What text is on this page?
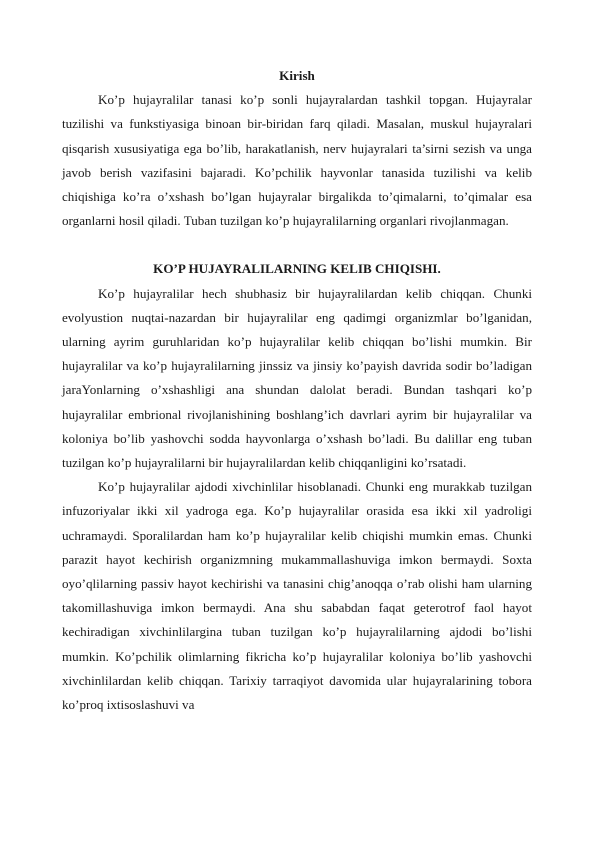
Kirish

Ko’p hujayralilar tanasi ko’p sonli hujayralardan tashkil topgan. Hujayralar tuzilishi va funkstiyasiga binoan bir-biridan farq qiladi. Masalan, muskul hujayralari qisqarish xususiyatiga ega bo’lib, harakatlanish, nerv hujayralari ta’sirni sezish va unga javob berish vazifasini bajaradi. Ko’pchilik hayvonlar tanasida tuzilishi va kelib chiqishiga ko’ra o’xshash bo’lgan hujayralar birgalikda to’qimalarni, to’qimalar esa organlarni hosil qiladi. Tuban tuzilgan ko’p hujayralilarning organlari rivojlanmagan.

KO’P HUJAYRALILARNING KELIB CHIQISHI.

Ko’p hujayralilar hech shubhasiz bir hujayralilardan kelib chiqqan. Chunki evolyustion nuqtai-nazardan bir hujayralilar eng qadimgi organizmlar bo’lganidan, ularning ayrim guruhlaridan ko’p hujayralilar kelib chiqqan bo’lishi mumkin. Bir hujayralilar va ko’p hujayralilarning jinssiz va jinsiy ko’payish davrida sodir bo’ladigan jaraYonlarning o’xshashligi ana shundan dalolat beradi. Bundan tashqari ko’p hujayralilar embrional rivojlanishining boshlang’ich davrlari ayrim bir hujayralilar va koloniya bo’lib yashovchi sodda hayvonlarga o’xshash bo’ladi. Bu dalillar eng tuban tuzilgan ko’p hujayralilarni bir hujayralilardan kelib chiqqanligini ko’rsatadi.

Ko’p hujayralilar ajdodi xivchinlilar hisoblanadi. Chunki eng murakkab tuzilgan infuzoriyalar ikki xil yadroga ega. Ko’p hujayralilar orasida esa ikki xil yadroligi uchramaydi. Sporalilardan ham ko’p hujayralilar kelib chiqishi mumkin emas. Chunki parazit hayot kechirish organizmning mukammallashuviga imkon bermaydi. Soxta oyo’qlilarning passiv hayot kechirishi va tanasini chig’anoqqa o’rab olishi ham ularning takomillashuviga imkon bermaydi. Ana shu sababdan faqat geterotrof faol hayot kechiradigan xivchinlilargina tuban tuzilgan ko’p hujayralilarning ajdodi bo’lishi mumkin. Ko’pchilik olimlarning fikricha ko’p hujayralilar koloniya bo’lib yashovchi xivchinlilardan kelib chiqqan. Tarixiy tarraqiyot davomida ular hujayralarining tobora ko’proq ixtisoslashuvi va
